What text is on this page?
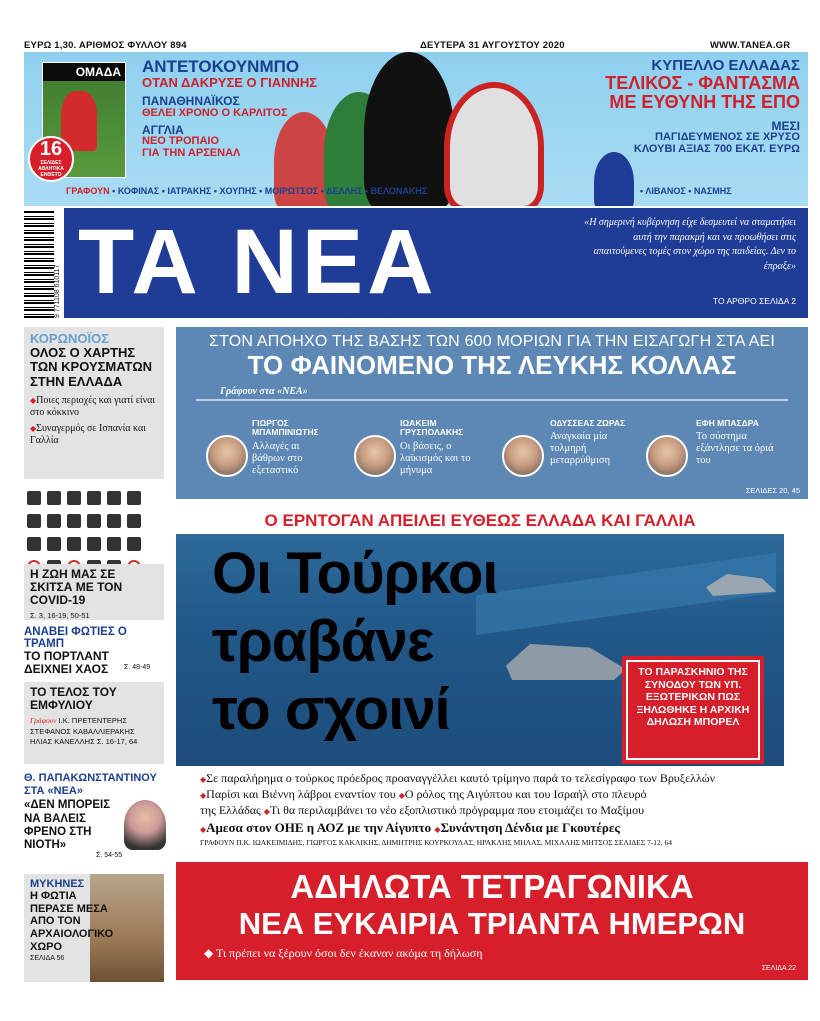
ΕΥΡΩ 1,30. ΑΡΙΘΜΟΣ ΦΥΛΛΟΥ 894	ΔΕΥΤΕΡΑ 31 ΑΥΓΟΥΣΤΟΥ 2020	WWW.TANEA.GR
ΟΜΑΔΑ
16
ΣΕΛΙΔΕΣ ΑΘΛΗΤΙΚΑ ΕΝΘΕΤΟ
ΑΝΤΕΤΟΚΟΥΝΜΠΟ
ΟΤΑΝ ΔΑΚΡΥΣΕ Ο ΓΙΑΝΝΗΣ
ΠΑΝΑΘΗΝΑΪΚΟΣ
ΘΕΛΕΙ ΧΡΟΝΟ Ο ΚΑΡΛΙΤΟΣ
ΑΓΓΛΙΑ
ΝΕΟ ΤΡΟΠΑΙΟ
ΓΙΑ ΤΗΝ ΑΡΣΕΝΑΛ
ΚΥΠΕΛΛΟ ΕΛΛΑΔΑΣ
ΤΕΛΙΚΟΣ - ΦΑΝΤΑΣΜΑ
ΜΕ ΕΥΘΥΝΗ ΤΗΣ ΕΠΟ
ΜΕΣΙ
ΠΑΓΙΔΕΥΜΕΝΟΣ ΣΕ ΧΡΥΣΟ
ΚΛΟΥΒΙ ΑΞΙΑΣ 700 ΕΚΑΤ. ΕΥΡΩ
ΓΡΑΦΟΥΝ • ΚΟΦΙΝΑΣ • ΙΑΤΡΑΚΗΣ • ΧΟΥΠΗΣ • ΜΟΙΡΩΤΣΟΣ • ΔΕΛΛΗΣ • ΒΕΛΟΝΑΚΗΣ	• ΛΙΒΑΝΟΣ • ΝΑΣΜΗΣ
9 771108 610117 ΤΑ ΝΕΑ	«Η σημερινή κυβέρνηση είχε δεσμευτεί να σταματήσει αυτή την παρακμή και να προωθήσει στις απαιτούμενες τομές στον χώρο της παιδείας. Δεν το έπραξε»
ΤΟ ΑΡΘΡΟ ΣΕΛΙΔΑ 2
ΚΟΡΩΝΟΪΟΣ
ΟΛΟΣ Ο ΧΑΡΤΗΣ ΤΩΝ ΚΡΟΥΣΜΑΤΩΝ ΣΤΗΝ ΕΛΛΑΔΑ
◆ Ποιες περιοχές και γιατί είναι στο κόκκινο
◆ Συναγερμός σε Ισπανία και Γαλλία
Η ΖΩΗ ΜΑΣ ΣΕ ΣΚΙΤΣΑ ΜΕ ΤΟΝ COVID-19
Σ. 3, 16-19, 50-51
ΑΝΑΒΕΙ ΦΩΤΙΕΣ Ο ΤΡΑΜΠ
ΤΟ ΠΟΡΤΛΑΝΤ ΔΕΙΧΝΕΙ ΧΑΟΣ	Σ. 48-49
ΤΟ ΤΕΛΟΣ ΤΟΥ ΕΜΦΥΛΙΟΥ
Γράφουν Ι.Κ. ΠΡΕΤΕΝΤΕΡΗΣ ΣΤΕΦΑΝΟΣ ΚΑΒΑΛΛΙΕΡΑΚΗΣ ΗΛΙΑΣ ΚΑΝΕΛΛΗΣ Σ. 16-17, 64
Θ. ΠΑΠΑΚΩΝΣΤΑΝΤΙΝΟΥ ΣΤΑ «ΝΕΑ»
«ΔΕΝ ΜΠΟΡΕΙΣ ΝΑ ΒΑΛΕΙΣ ΦΡΕΝΟ ΣΤΗ ΝΙΟΤΗ»
Σ. 54-55
ΜΥΚΗΝΕΣ
Η ΦΩΤΙΑ ΠΕΡΑΣΕ ΜΕΣΑ ΑΠΟ ΤΟΝ ΑΡΧΑΙΟΛΟΓΙΚΟ ΧΩΡΟ
ΣΕΛΙΔΑ 56
ΣΤΟΝ ΑΠΟΗΧΟ ΤΗΣ ΒΑΣΗΣ ΤΩΝ 600 ΜΟΡΙΩΝ ΓΙΑ ΤΗΝ ΕΙΣΑΓΩΓΗ ΣΤΑ ΑΕΙ
ΤΟ ΦΑΙΝΟΜΕΝΟ ΤΗΣ ΛΕΥΚΗΣ ΚΟΛΛΑΣ
Γράφουν στα «ΝΕΑ»
ΓΙΩΡΓΟΣ ΜΠΑΜΠΙΝΙΩΤΗΣ
Αλλαγές αι βάθρων στο εξεταστικό
ΙΩΑΚΕΙΜ ΓΡΥΣΠΟΛΑΚΗΣ
Οι βάσεις, ο λαϊκισμός και το μήνυμα
ΟΔΥΣΣΕΑΣ ΖΩΡΑΣ
Αναγκαία μία τολμηρή μεταρρύθμιση
ΕΦΗ ΜΠΑΣΔΡΑ
Το σύστημα εξάντλησε τα όριά του
ΣΕΛΙΔΕΣ 20, 45
Ο ΕΡΝΤΟΓΑΝ ΑΠΕΙΛΕΙ ΕΥΘΕΩΣ ΕΛΛΑΔΑ ΚΑΙ ΓΑΛΛΙΑ
Οι Τούρκοι
τραβάνε
το σχοινί
ΤΟ ΠΑΡΑΣΚΗΝΙΟ ΤΗΣ ΣΥΝΟΔΟΥ ΤΩΝ ΥΠ. ΕΞΩΤΕΡΙΚΩΝ ΠΩΣ ΞΗΛΩΘΗΚΕ Η ΑΡΧΙΚΗ ΔΗΛΩΣΗ ΜΠΟΡΕΛ
◆ Σε παραλήρημα ο τούρκος πρόεδρος προαναγγέλλει καυτό τρίμηνο παρά το τελεσίγραφο των Βρυξελλών
◆ Παρίσι και Βιέννη λάβροι εναντίον του ◆ Ο ρόλος της Αιγύπτου και του Ισραήλ στο πλευρό
της Ελλάδας ◆ Τι θα περιλαμβάνει το νέο εξοπλιστικό πρόγραμμα που ετοιμάζει το Μαξίμου
◆ Αμεσα στον ΟΗΕ η ΑΟΖ με την Αίγυπτο ◆ Συνάντηση Δένδια με Γκουτέρες
ΓΡΑΦΟΥΝ Π.Κ. ΙΩΑΚΕΙΜΙΔΗΣ, ΓΙΩΡΓΟΣ ΚΑΚΛΙΚΗΣ, ΔΗΜΗΤΡΗΣ ΚΟΥΡΚΟΥΛΑΣ, ΗΡΑΚΛΗΣ ΜΗΛΑΣ, ΜΙΧΑΛΗΣ ΜΗΤΣΟΣ ΣΕΛΙΔΕΣ 7-12, 64
ΑΔΗΛΩΤΑ ΤΕΤΡΑΓΩΝΙΚΑ
ΝΕΑ ΕΥΚΑΙΡΙΑ ΤΡΙΑΝΤΑ ΗΜΕΡΩΝ
◆ Τι πρέπει να ξέρουν όσοι δεν έκαναν ακόμα τη δήλωση
ΣΕΛΙΔΑ 22
